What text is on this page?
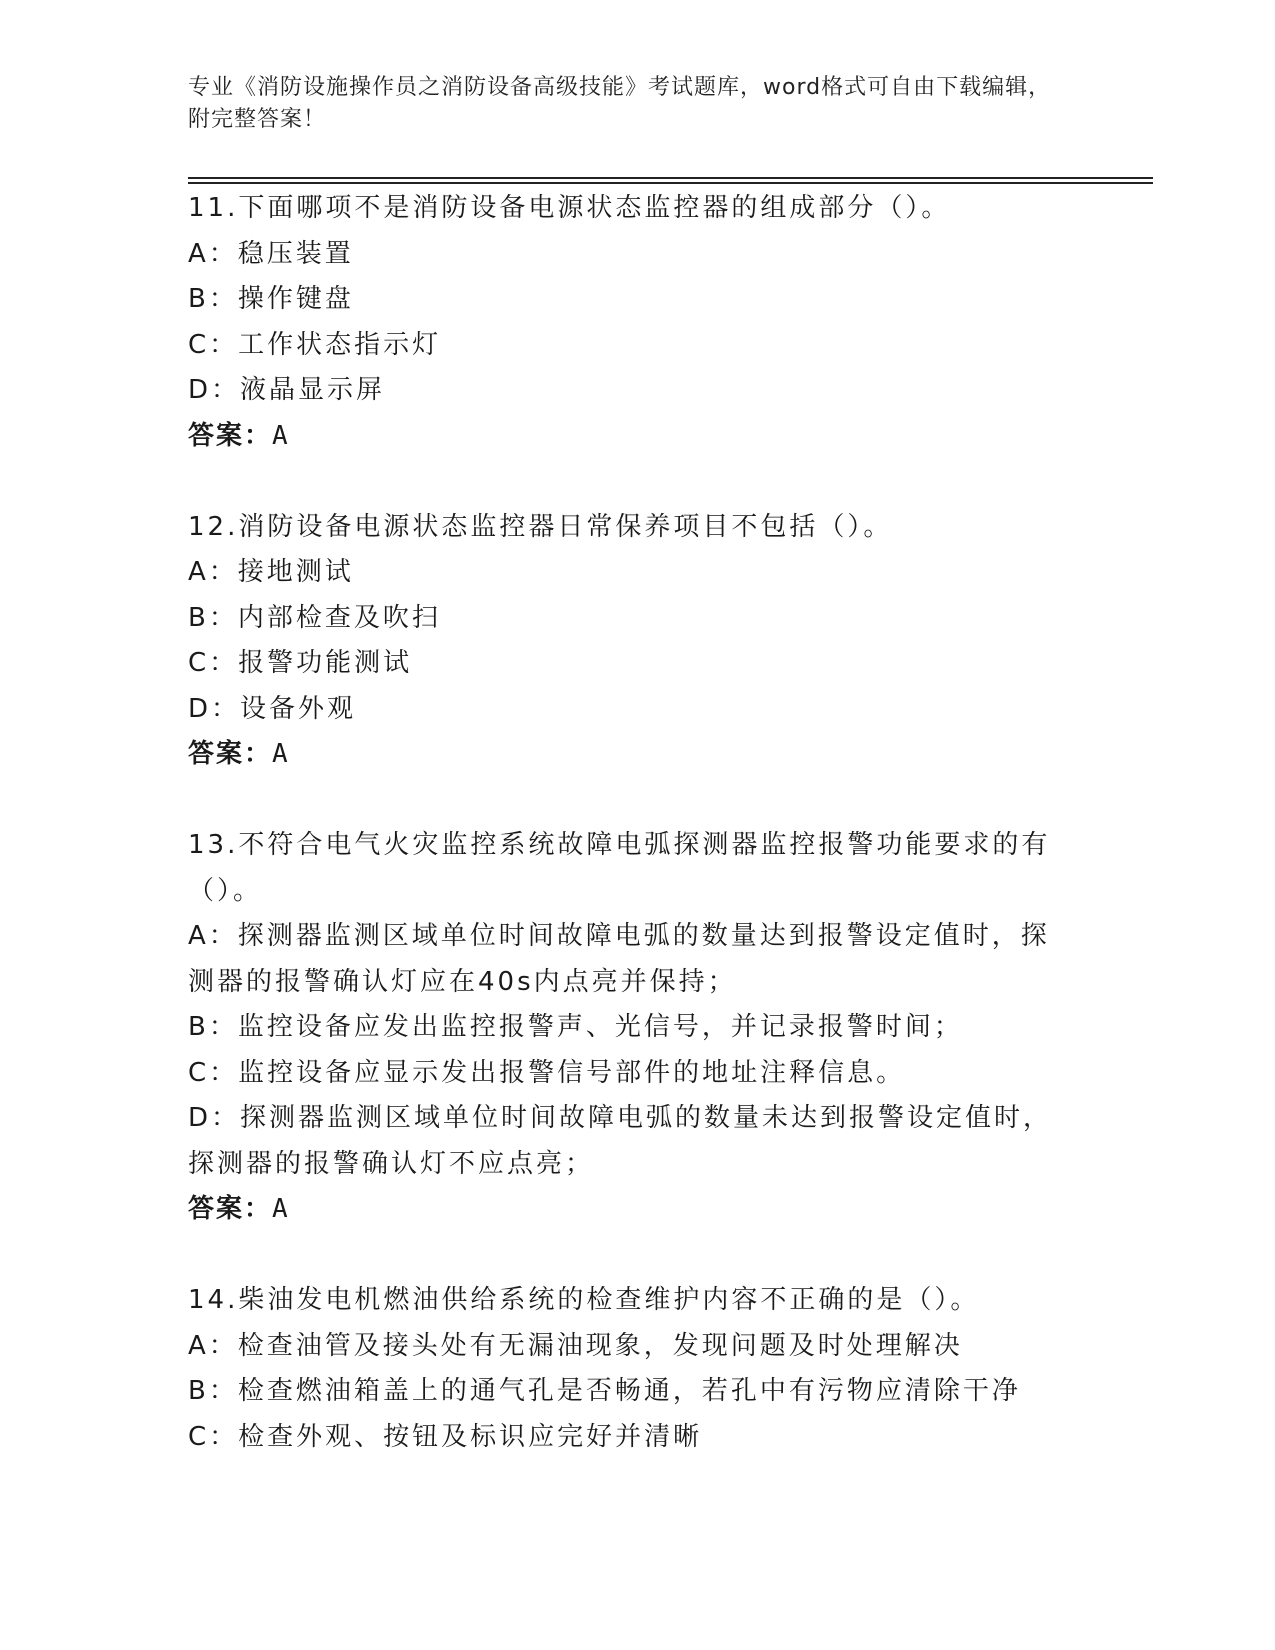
专业《消防设施操作员之消防设备高级技能》考试题库，word格式可自由下载编辑，附完整答案！

11.下面哪项不是消防设备电源状态监控器的组成部分（）。

A：稳压装置

B：操作键盘

C：工作状态指示灯

D：液晶显示屏

答案：A

12.消防设备电源状态监控器日常保养项目不包括（）。

A：接地测试

B：内部检查及吹扫

C：报警功能测试

D：设备外观

答案：A

13.不符合电气火灾监控系统故障电弧探测器监控报警功能要求的有（）。

A：探测器监测区域单位时间故障电弧的数量达到报警设定值时，探测器的报警确认灯应在40s内点亮并保持；

B：监控设备应发出监控报警声、光信号，并记录报警时间；

C：监控设备应显示发出报警信号部件的地址注释信息。

D：探测器监测区域单位时间故障电弧的数量未达到报警设定值时，探测器的报警确认灯不应点亮；

答案：A

14.柴油发电机燃油供给系统的检查维护内容不正确的是（）。

A：检查油管及接头处有无漏油现象，发现问题及时处理解决

B：检查燃油箱盖上的通气孔是否畅通，若孔中有污物应清除干净

C：检查外观、按钮及标识应完好并清晰
